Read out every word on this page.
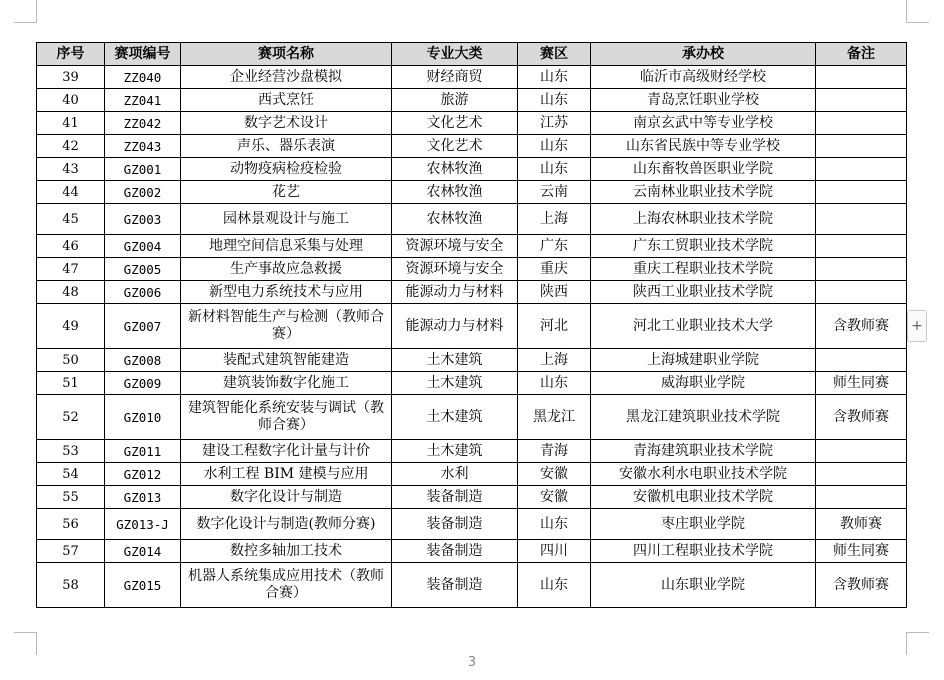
序号	赛项编号	赛项名称	专业大类	赛区	承办校	备注
39	ZZ040	企业经营沙盘模拟	财经商贸	山东	临沂市高级财经学校	
40	ZZ041	西式烹饪	旅游	山东	青岛烹饪职业学校	
41	ZZ042	数字艺术设计	文化艺术	江苏	南京玄武中等专业学校	
42	ZZ043	声乐、器乐表演	文化艺术	山东	山东省民族中等专业学校	
43	GZ001	动物疫病检疫检验	农林牧渔	山东	山东畜牧兽医职业学院	
44	GZ002	花艺	农林牧渔	云南	云南林业职业技术学院	
45	GZ003	园林景观设计与施工	农林牧渔	上海	上海农林职业技术学院	
46	GZ004	地理空间信息采集与处理	资源环境与安全	广东	广东工贸职业技术学院	
47	GZ005	生产事故应急救援	资源环境与安全	重庆	重庆工程职业技术学院	
48	GZ006	新型电力系统技术与应用	能源动力与材料	陕西	陕西工业职业技术学院	
49	GZ007	新材料智能生产与检测（教师合赛）	能源动力与材料	河北	河北工业职业技术大学	含教师赛
50	GZ008	装配式建筑智能建造	土木建筑	上海	上海城建职业学院	
51	GZ009	建筑装饰数字化施工	土木建筑	山东	威海职业学院	师生同赛
52	GZ010	建筑智能化系统安装与调试（教师合赛）	土木建筑	黑龙江	黑龙江建筑职业技术学院	含教师赛
53	GZ011	建设工程数字化计量与计价	土木建筑	青海	青海建筑职业技术学院	
54	GZ012	水利工程 BIM 建模与应用	水利	安徽	安徽水利水电职业技术学院	
55	GZ013	数字化设计与制造	装备制造	安徽	安徽机电职业技术学院	
56	GZ013-J	数字化设计与制造(教师分赛)	装备制造	山东	枣庄职业学院	教师赛
57	GZ014	数控多轴加工技术	装备制造	四川	四川工程职业技术学院	师生同赛
58	GZ015	机器人系统集成应用技术（教师合赛）	装备制造	山东	山东职业学院	含教师赛
+
3
